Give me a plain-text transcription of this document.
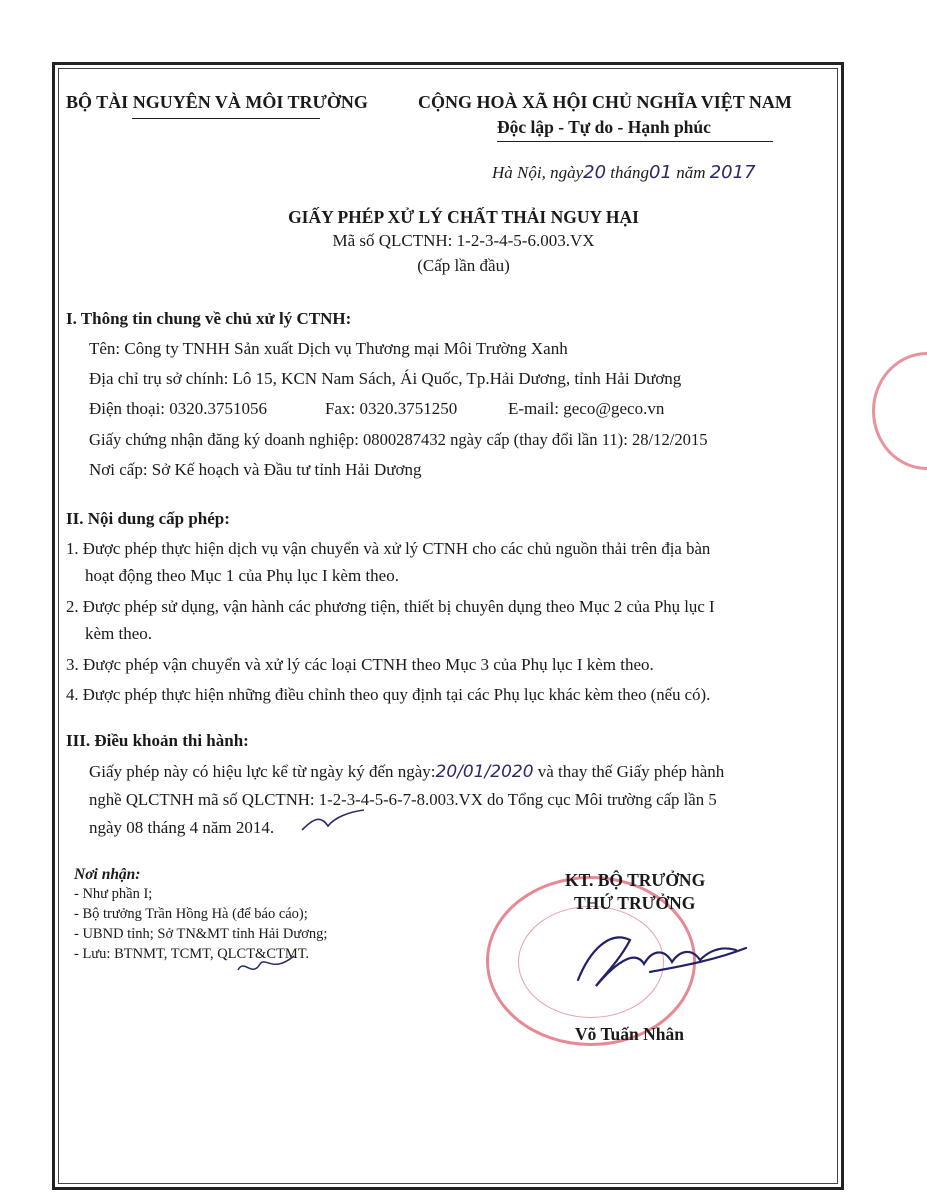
BỘ TÀI NGUYÊN VÀ MÔI TRƯỜNG	CỘNG HOÀ XÃ HỘI CHỦ NGHĨA VIỆT NAM
Độc lập - Tự do - Hạnh phúc
Hà Nội, ngày20 tháng01 năm 2017
GIẤY PHÉP XỬ LÝ CHẤT THẢI NGUY HẠI
Mã số QLCTNH: 1-2-3-4-5-6.003.VX
(Cấp lần đầu)
I. Thông tin chung về chủ xử lý CTNH:
Tên: Công ty TNHH Sản xuất Dịch vụ Thương mại Môi Trường Xanh
Địa chỉ trụ sở chính: Lô 15, KCN Nam Sách, Ái Quốc, Tp.Hải Dương, tỉnh Hải Dương
Điện thoại: 0320.3751056	Fax: 0320.3751250	E-mail: geco@geco.vn
Giấy chứng nhận đăng ký doanh nghiệp: 0800287432 ngày cấp (thay đổi lần 11): 28/12/2015
Nơi cấp: Sở Kế hoạch và Đầu tư tỉnh Hải Dương
II. Nội dung cấp phép:
1. Được phép thực hiện dịch vụ vận chuyển và xử lý CTNH cho các chủ nguồn thải trên địa bàn
hoạt động theo Mục 1 của Phụ lục I kèm theo.
2. Được phép sử dụng, vận hành các phương tiện, thiết bị chuyên dụng theo Mục 2 của Phụ lục I
kèm theo.
3. Được phép vận chuyển và xử lý các loại CTNH theo Mục 3 của Phụ lục I kèm theo.
4. Được phép thực hiện những điều chỉnh theo quy định tại các Phụ lục khác kèm theo (nếu có).
III. Điều khoản thi hành:
Giấy phép này có hiệu lực kể từ ngày ký đến ngày:20/01/2020 và thay thế Giấy phép hành
nghề QLCTNH mã số QLCTNH: 1-2-3-4-5-6-7-8.003.VX do Tổng cục Môi trường cấp lần 5
ngày 08 tháng 4 năm 2014.
Nơi nhận:
- Như phần I;
- Bộ trưởng Trần Hồng Hà (để báo cáo);
- UBND tỉnh; Sở TN&MT tỉnh Hải Dương;
- Lưu: BTNMT, TCMT, QLCT&CTMT.
KT. BỘ TRƯỞNG
THỨ TRƯỞNG
Võ Tuấn Nhân
